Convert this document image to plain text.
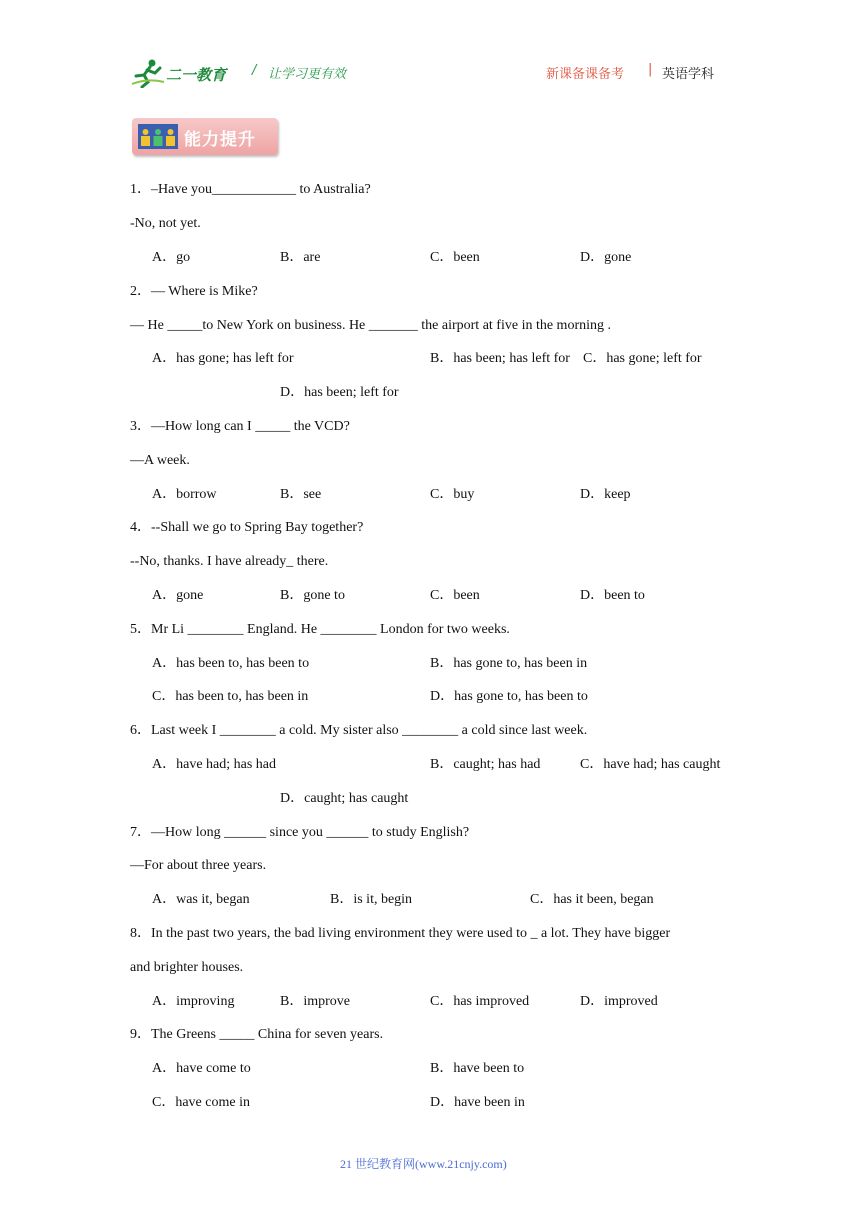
二一教育 / 让学习更有效	新课备课备考 | 英语学科
能力提升
1．–Have you____________ to Australia?
-No, not yet.
A．go	B．are	C．been	D．gone
2．— Where is Mike?
— He _____to New York on business. He _______ the airport at five in the morning .
A．has gone; has left for	B．has been; has left for C．has gone; left for
D．has been; left for
3．—How long can I _____ the VCD?
—A week.
A．borrow	B．see	C．buy	D．keep
4．--Shall we go to Spring Bay together?
--No, thanks. I have already_ there.
A．gone	B．gone to	C．been	D．been to
5．Mr Li ________ England. He ________ London for two weeks.
A．has been to, has been to	B．has gone to, has been in
C．has been to, has been in	D．has gone to, has been to
6．Last week I ________ a cold. My sister also ________ a cold since last week.
A．have had; has had	B．caught; has had	C．have had; has caught
D．caught; has caught
7．—How long ______ since you ______ to study English?
—For about three years.
A．was it, began	B．is it, begin	C．has it been, began
8．In the past two years, the bad living environment they were used to _ a lot. They have bigger
and brighter houses.
A．improving	B．improve	C．has improved	D．improved
9．The Greens _____ China for seven years.
A．have come to	B．have been to
C．have come in	D．have been in
21 世纪教育网(www.21cnjy.com)
